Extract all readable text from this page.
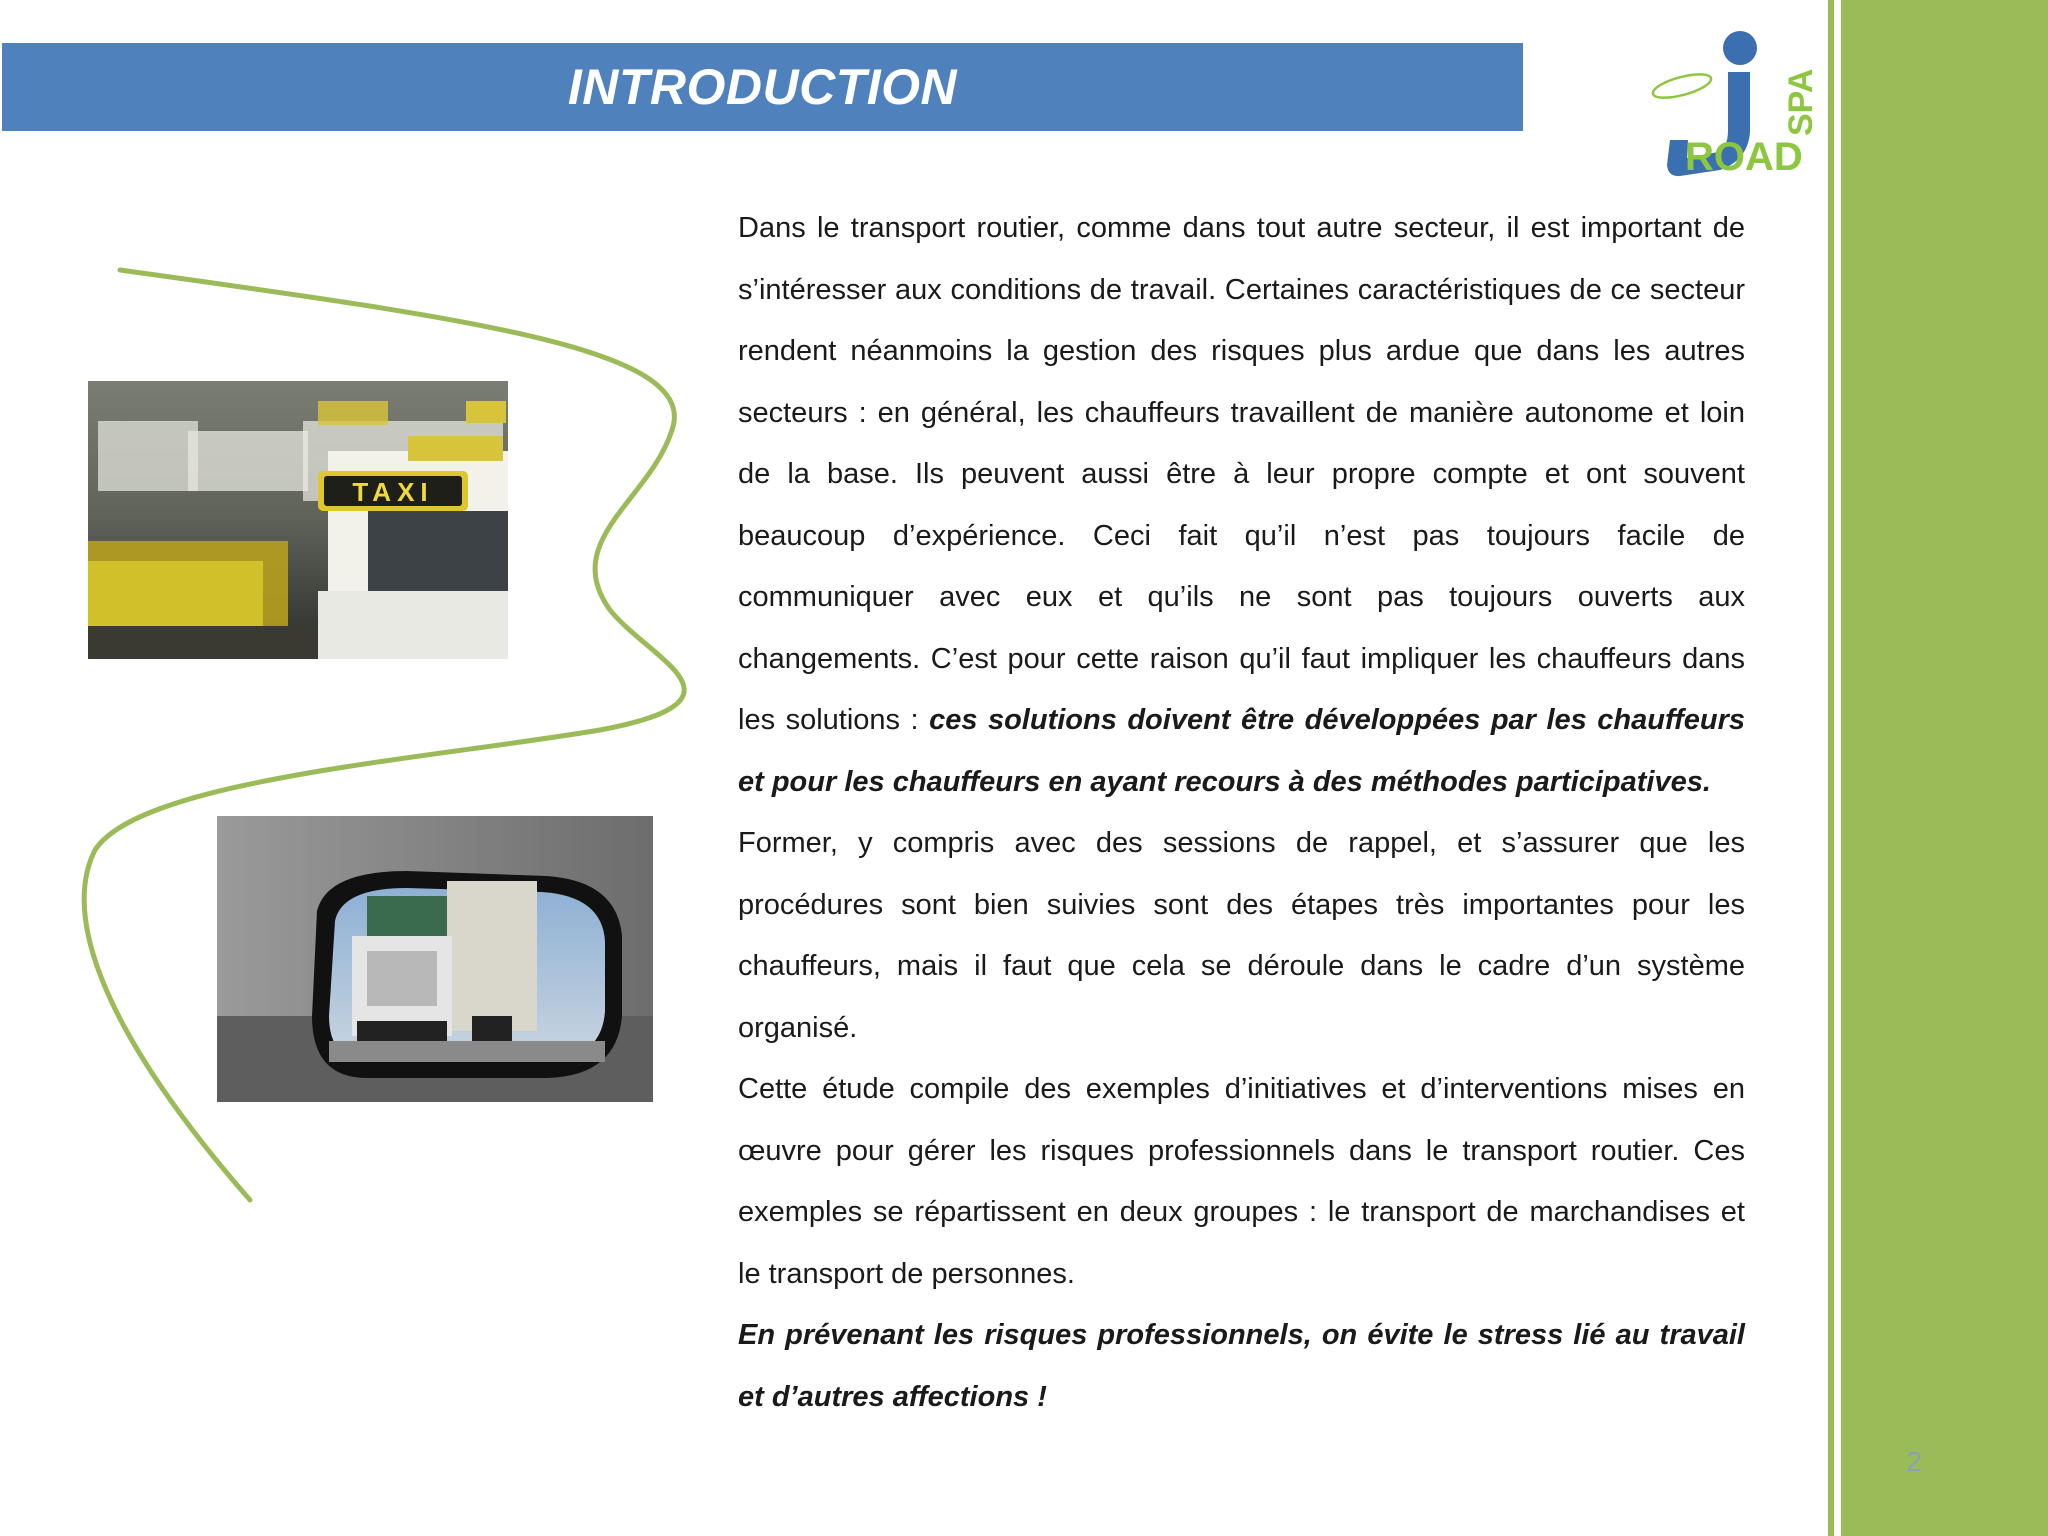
INTRODUCTION
ROAD
SPA
TAXI

Dans le transport routier, comme dans tout autre secteur, il est important de s’intéresser aux conditions de travail. Certaines caractéristiques de ce secteur rendent néanmoins la gestion des risques plus ardue que dans les autres secteurs : en général, les chauffeurs travaillent de manière autonome et loin de la base. Ils peuvent aussi être à leur propre compte et ont souvent beaucoup d’expérience. Ceci fait qu’il n’est pas toujours facile de communiquer avec eux et qu’ils ne sont pas toujours ouverts aux changements. C’est pour cette raison qu’il faut impliquer les chauffeurs dans les solutions : ces solutions doivent être développées par les chauffeurs et pour les chauffeurs en ayant recours à des méthodes participatives.

Former, y compris avec des sessions de rappel, et s’assurer que les procédures sont bien suivies sont des étapes très importantes pour les chauffeurs, mais il faut que cela se déroule dans le cadre d’un système organisé.

Cette étude compile des exemples d’initiatives et d’interventions mises en œuvre pour gérer les risques professionnels dans le transport routier. Ces exemples se répartissent en deux groupes : le transport de marchandises et le transport de personnes.

En prévenant les risques professionnels, on évite le stress lié au travail et d’autres affections !

2
